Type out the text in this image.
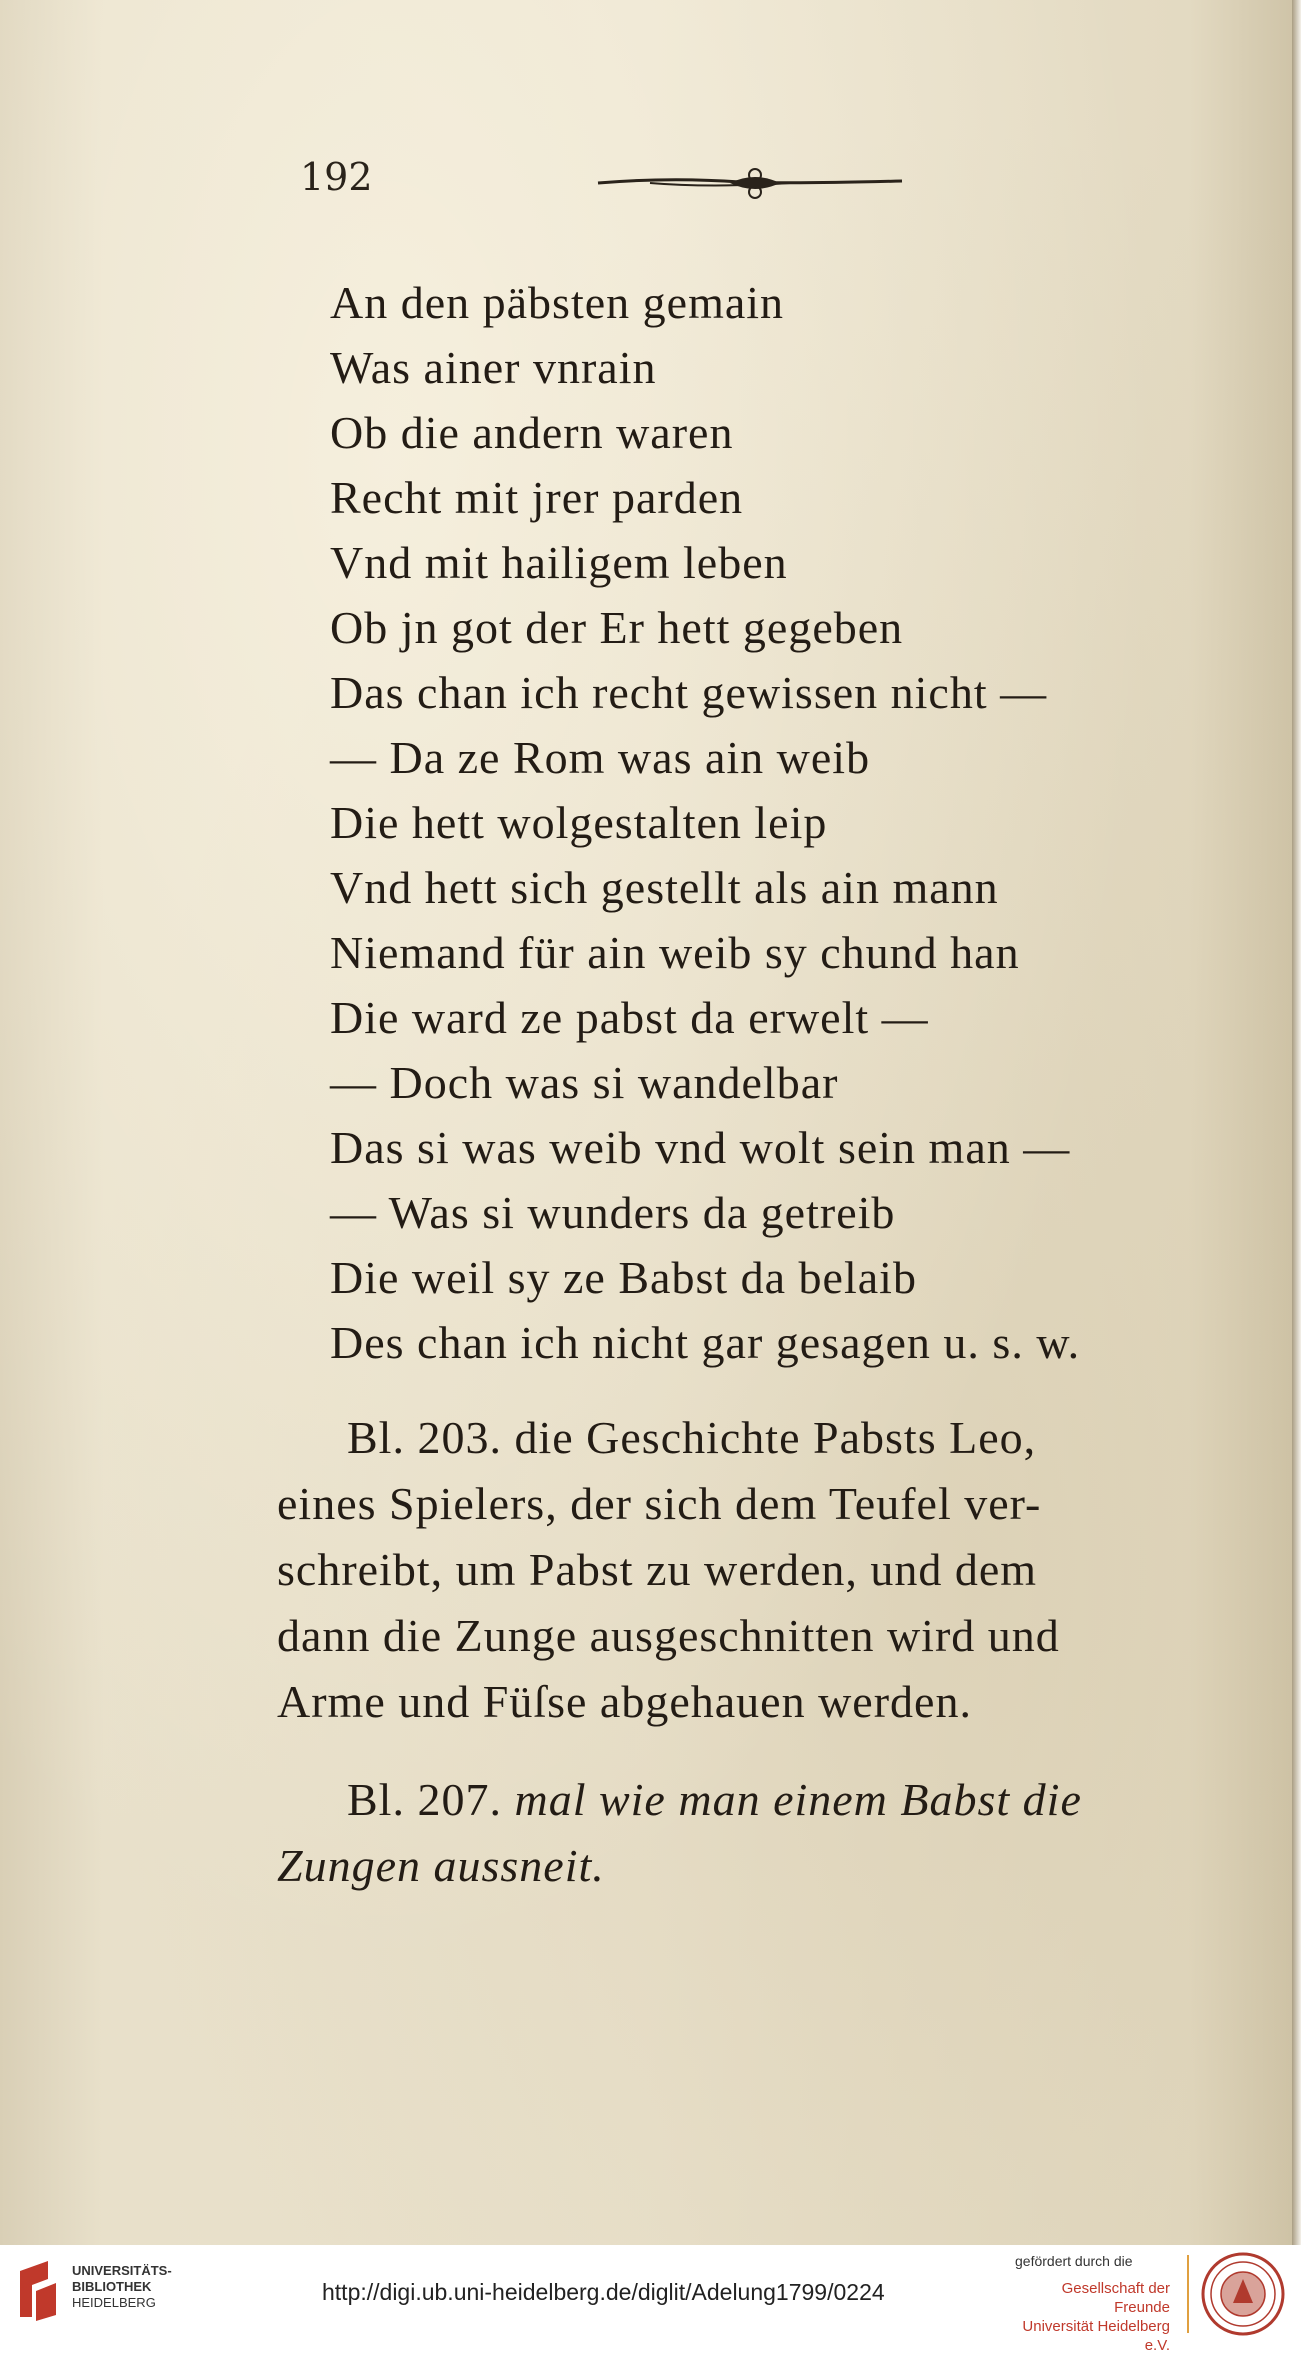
192
An den päbsten gemain
Was ainer vnrain
Ob die andern waren
Recht mit jrer parden
Vnd mit hailigem leben
Ob jn got der Er hett gegeben
Das chan ich recht gewissen nicht —
— Da ze Rom was ain weib
Die hett wolgestalten leip
Vnd hett sich gestellt als ain mann
Niemand für ain weib sy chund han
Die ward ze pabst da erwelt —
— Doch was si wandelbar
Das si was weib vnd wolt sein man —
— Was si wunders da getreib
Die weil sy ze Babst da belaib
Des chan ich nicht gar gesagen u. s. w.
Bl. 203. die Geschichte Pabsts Leo,
eines Spielers, der sich dem Teufel ver-
schreibt, um Pabst zu werden, und dem
dann die Zunge ausgeschnitten wird und
Arme und Füſse abgehauen werden.
Bl. 207. mal wie man einem Babst die
Zungen aussneit.
UNIVERSITÄTS-
BIBLIOTHEK
HEIDELBERG	http://digi.ub.uni-heidelberg.de/diglit/Adelung1799/0224
gefördert durch die
Gesellschaft der Freunde
Universität Heidelberg e.V.
